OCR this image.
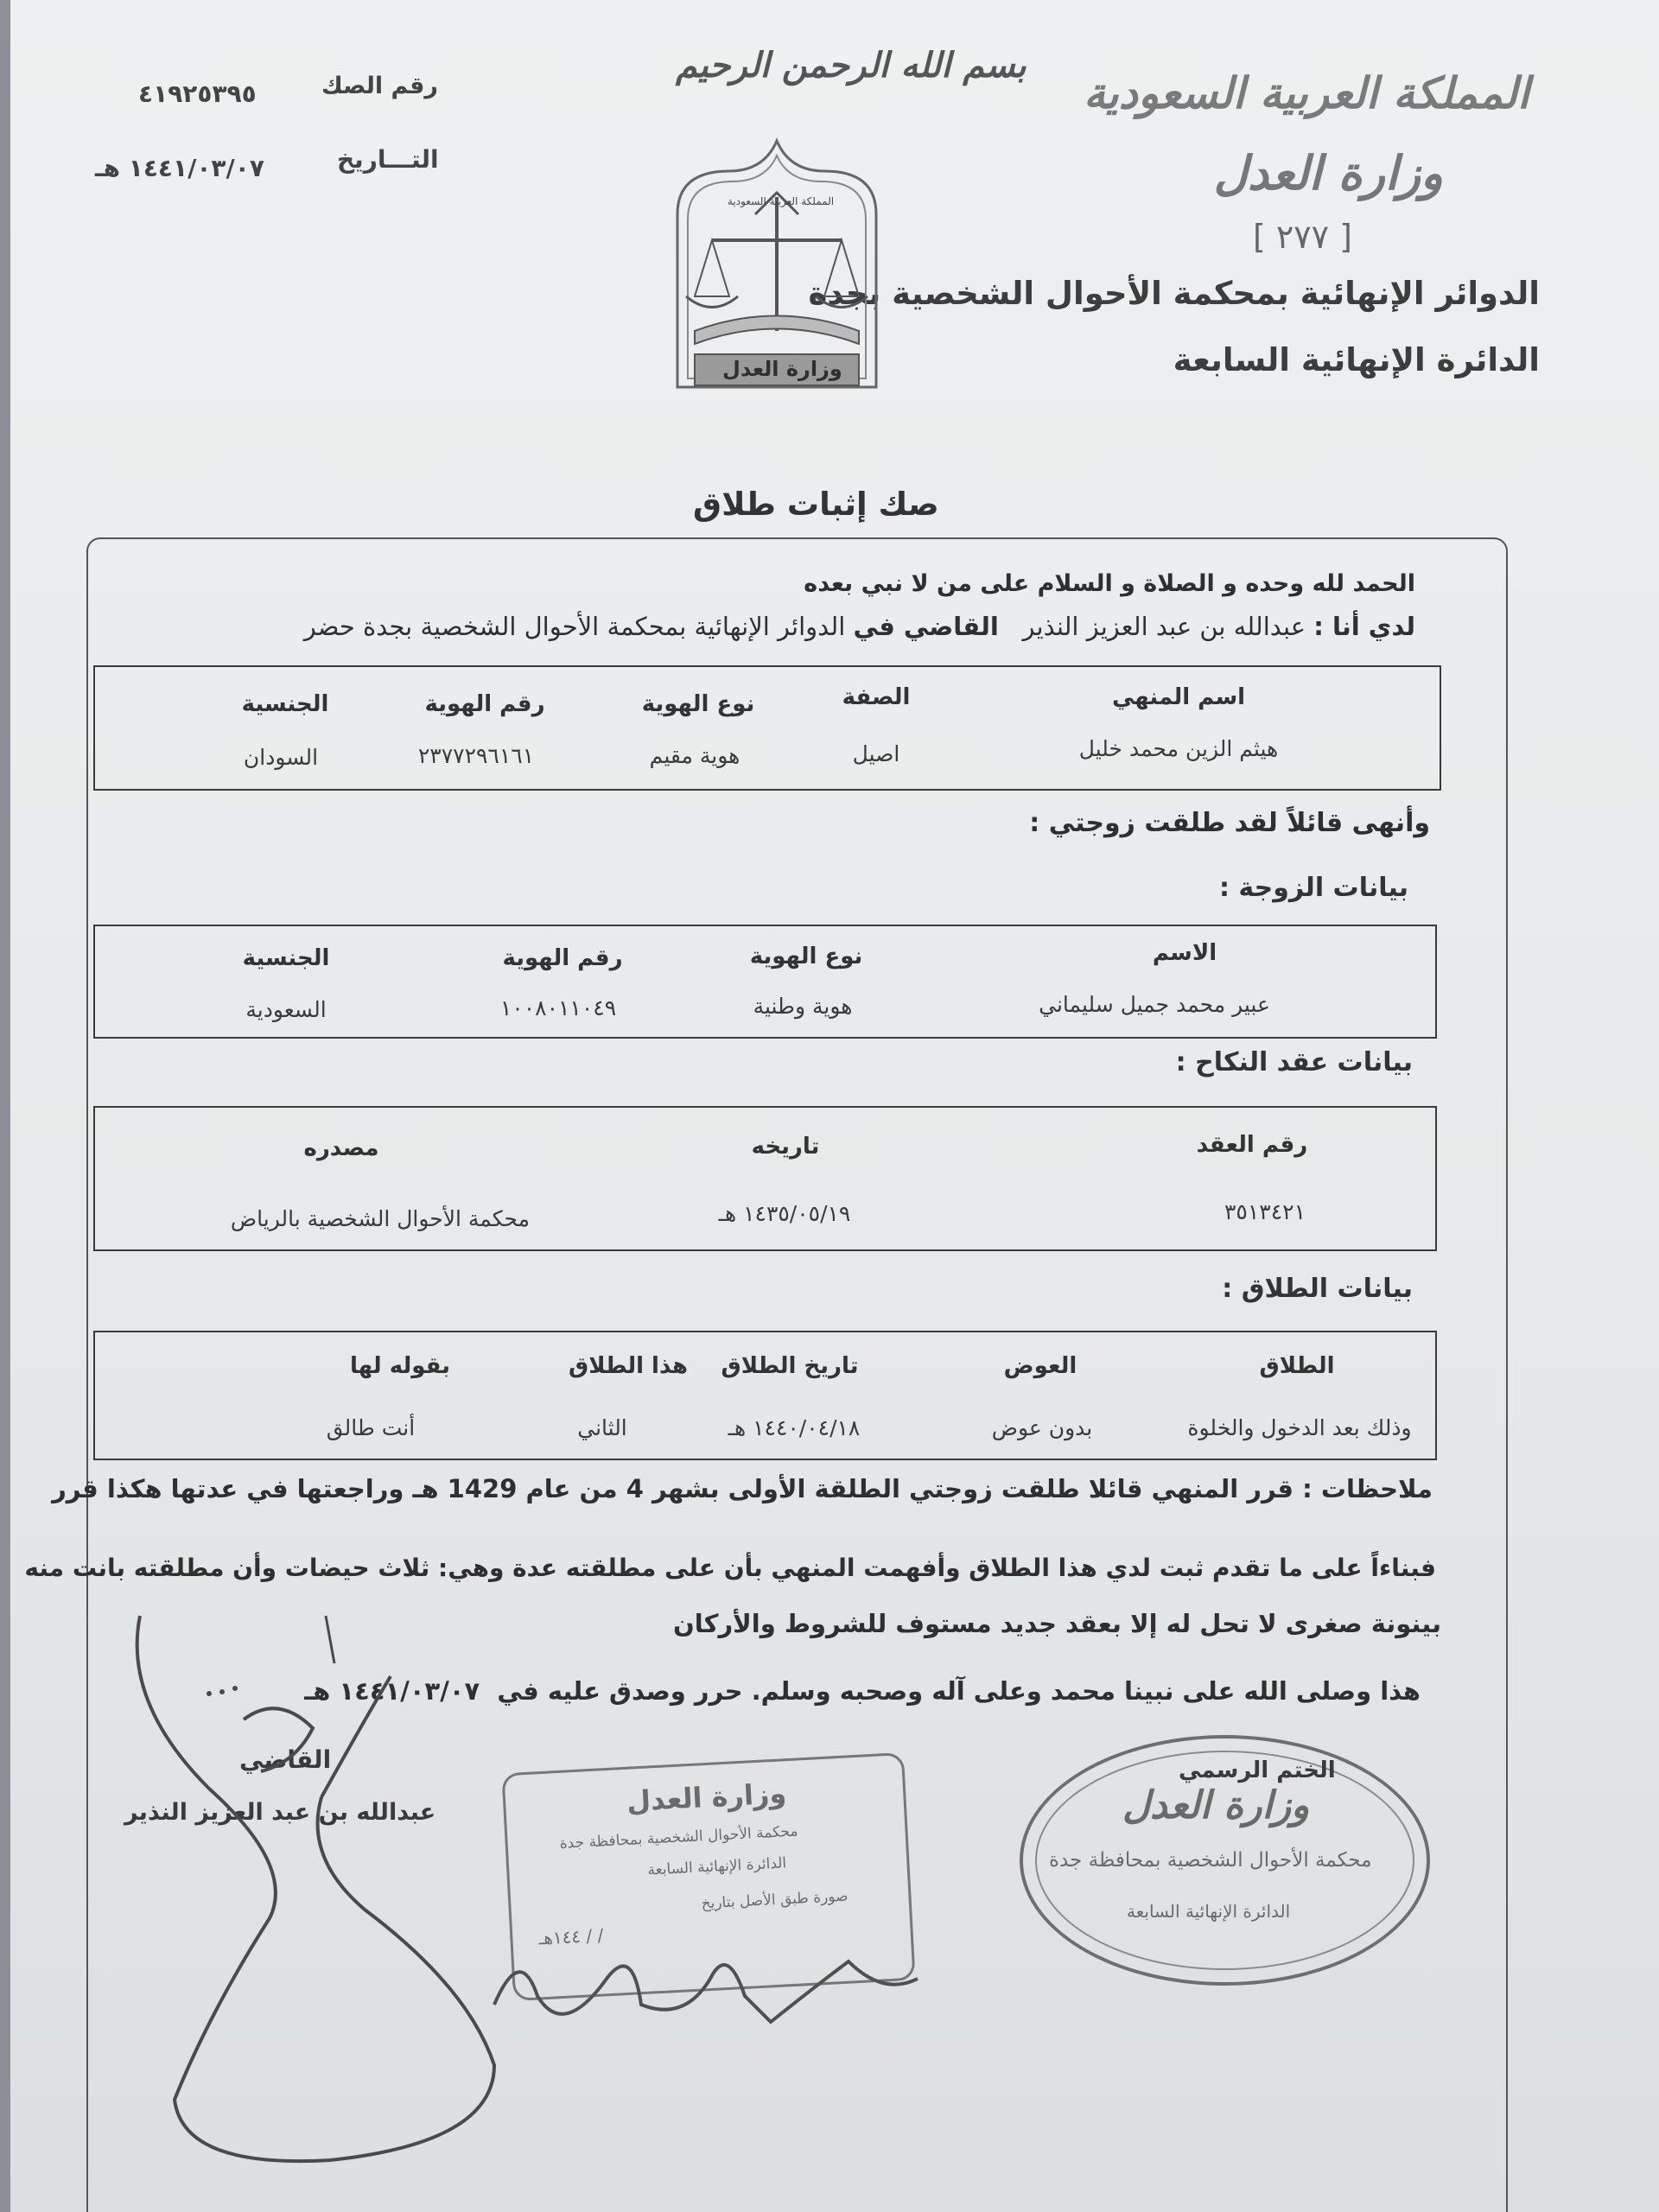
بسم الله الرحمن الرحيم
المملكة العربية السعودية
وزارة العدل
[ ٢٧٧ ]
الدوائر الإنهائية بمحكمة الأحوال الشخصية بجدة
الدائرة الإنهائية السابعة
رقم الصك
٤١٩٢٥٣٩٥
التـــاريخ
١٤٤١/٠٣/٠٧ هـ
المملكة العربية السعودية
وزارة العدل
صك إثبات طلاق
الحمد لله وحده و الصلاة و السلام على من لا نبي بعده
لدي أنا : عبدالله بن عبد العزيز النذير   القاضي في الدوائر الإنهائية بمحكمة الأحوال الشخصية بجدة حضر
اسم المنهي
الصفة
نوع الهوية
رقم الهوية
الجنسية
هيثم الزين محمد خليل
اصيل
هوية مقيم
٢٣٧٧٢٩٦١٦١
السودان
وأنهى قائلاً لقد طلقت زوجتي :
بيانات الزوجة :
الاسم
نوع الهوية
رقم الهوية
الجنسية
عبير محمد جميل سليماني
هوية وطنية
١٠٠٨٠١١٠٤٩
السعودية
بيانات عقد النكاح :
رقم العقد
تاريخه
مصدره
٣٥١٣٤٢١
١٤٣٥/٠٥/١٩ هـ
محكمة الأحوال الشخصية بالرياض
بيانات الطلاق :
الطلاق
العوض
تاريخ الطلاق
هذا الطلاق
بقوله لها
وذلك بعد الدخول والخلوة
بدون عوض
١٤٤٠/٠٤/١٨ هـ
الثاني
أنت طالق
ملاحظات : قرر المنهي قائلا طلقت زوجتي الطلقة الأولى بشهر 4 من عام 1429 هـ وراجعتها في عدتها هكذا قرر
فبناءاً على ما تقدم ثبت لدي هذا الطلاق وأفهمت المنهي بأن على مطلقته عدة وهي: ثلاث حيضات وأن مطلقته بانت منه
بينونة صغرى لا تحل له إلا بعقد جديد مستوف للشروط والأركان
هذا وصلى الله على نبينا محمد وعلى آله وصحبه وسلم. حرر وصدق عليه في  ١٤٤١/٠٣/٠٧ هـ
القاضي
عبدالله بن عبد العزيز النذير	وزارة العدل
محكمة الأحوال الشخصية بمحافظة جدة
الدائرة الإنهائية السابعة
صورة طبق الأصل بتاريخ
/ / ١٤٤هـ
الختم الرسمي
وزارة العدل
محكمة الأحوال الشخصية بمحافظة جدة
الدائرة الإنهائية السابعة
